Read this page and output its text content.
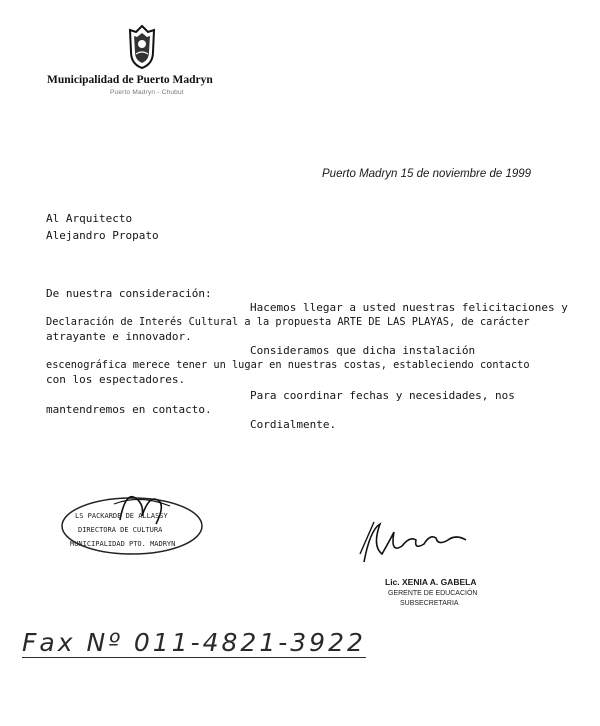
Municipalidad de Puerto Madryn
Puerto Madryn - Chubut
Puerto Madryn 15 de noviembre de 1999
Al Arquitecto
Alejandro Propato
De nuestra consideración:
Hacemos llegar a usted nuestras felicitaciones y
Declaración de Interés Cultural a la propuesta ARTE DE LAS PLAYAS, de carácter
atrayante e innovador.
Consideramos que dicha instalación
escenográfica merece tener un lugar en nuestras costas, estableciendo contacto
con los espectadores.
Para coordinar fechas y necesidades, nos
mantendremos en contacto.
Cordialmente.
LS PACKARDE DE ALLASSY
DIRECTORA DE CULTURA
MUNICIPALIDAD PTO. MADRYN
Lic. XENIA A. GABELA
GERENTE DE EDUCACIÓN
SUBSECRETARIA
Fax Nº 011-4821-3922
